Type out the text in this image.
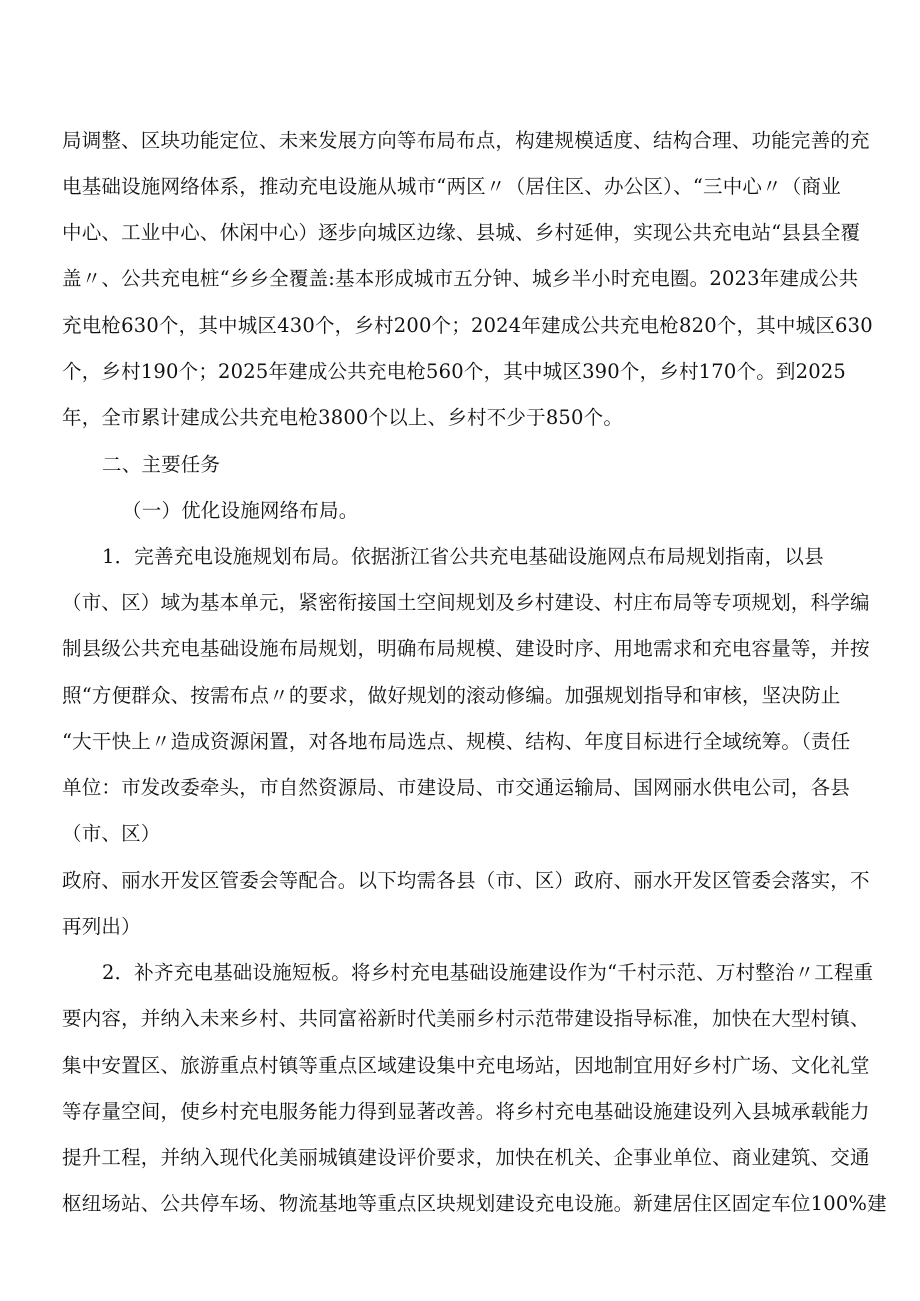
局调整、区块功能定位、未来发展方向等布局布点，构建规模适度、结构合理、功能完善的充
电基础设施网络体系，推动充电设施从城市“两区〃（居住区、办公区）、“三中心〃（商业
中心、工业中心、休闲中心）逐步向城区边缘、县城、乡村延伸，实现公共充电站“县县全覆
盖〃、公共充电桩“乡乡全覆盖:基本形成城市五分钟、城乡半小时充电圈。2023年建成公共
充电枪630个，其中城区430个，乡村200个；2024年建成公共充电枪820个，其中城区630
个，乡村190个；2025年建成公共充电枪560个，其中城区390个，乡村170个。到2025
年，全市累计建成公共充电枪3800个以上、乡村不少于850个。
二、主要任务
（一）优化设施网络布局。
1．完善充电设施规划布局。依据浙江省公共充电基础设施网点布局规划指南，以县
（市、区）域为基本单元，紧密衔接国土空间规划及乡村建设、村庄布局等专项规划，科学编
制县级公共充电基础设施布局规划，明确布局规模、建设时序、用地需求和充电容量等，并按
照“方便群众、按需布点〃的要求，做好规划的滚动修编。加强规划指导和审核，坚决防止
“大干快上〃造成资源闲置，对各地布局选点、规模、结构、年度目标进行全域统筹。（责任
单位：市发改委牵头，市自然资源局、市建设局、市交通运输局、国网丽水供电公司，各县
（市、区）
政府、丽水开发区管委会等配合。以下均需各县（市、区）政府、丽水开发区管委会落实，不
再列出）
2．补齐充电基础设施短板。将乡村充电基础设施建设作为“千村示范、万村整治〃工程重
要内容，并纳入未来乡村、共同富裕新时代美丽乡村示范带建设指导标准，加快在大型村镇、
集中安置区、旅游重点村镇等重点区域建设集中充电场站，因地制宜用好乡村广场、文化礼堂
等存量空间，使乡村充电服务能力得到显著改善。将乡村充电基础设施建设列入县城承载能力
提升工程，并纳入现代化美丽城镇建设评价要求，加快在机关、企事业单位、商业建筑、交通
枢纽场站、公共停车场、物流基地等重点区块规划建设充电设施。新建居住区固定车位100%建
